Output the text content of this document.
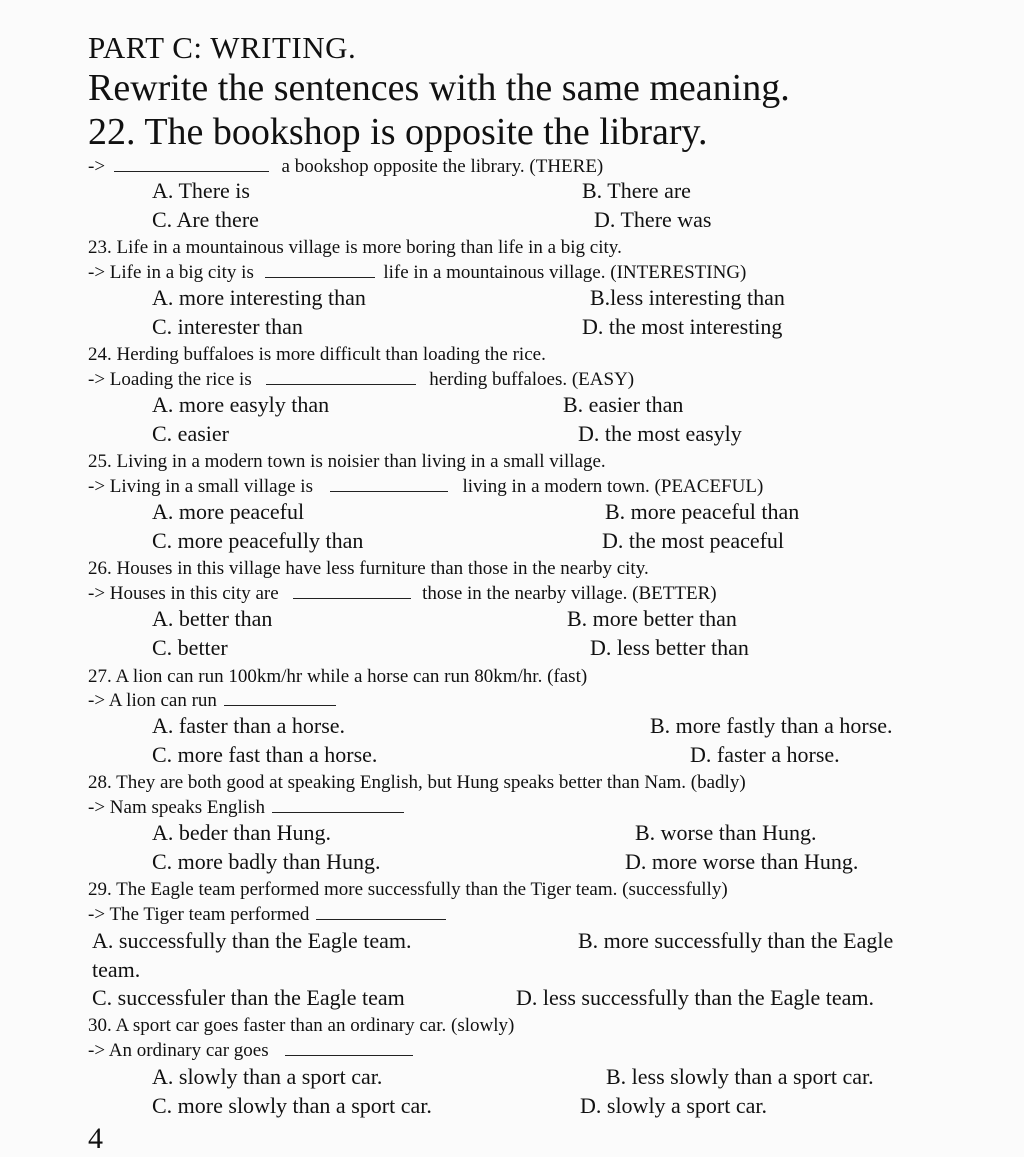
PART C: WRITING.
Rewrite the sentences with the same meaning.
22. The bookshop is opposite the library.
->	a bookshop opposite the library. (THERE)
A. There is	B. There are
C. Are there	D. There was
23. Life in a mountainous village is more boring than life in a big city.
-> Life in a big city is	life in a mountainous village. (INTERESTING)
A. more interesting than	B.less interesting than
C. interester than	D. the most interesting
24. Herding buffaloes is more difficult than loading the rice.
-> Loading the rice is	herding buffaloes. (EASY)
A. more easyly than	B. easier than
C. easier	D. the most easyly
25. Living in a modern town is noisier than living in a small village.
-> Living in a small village is	living in a modern town. (PEACEFUL)
A. more peaceful	B. more peaceful than
C. more peacefully than	D. the most peaceful
26. Houses in this village have less furniture than those in the nearby city.
-> Houses in this city are	those in the nearby village. (BETTER)
A. better than	B. more better than
C. better	D. less better than
27. A lion can run 100km/hr while a horse can run 80km/hr. (fast)
-> A lion can run
A. faster than a horse.	B. more fastly than a horse.
C. more fast than a horse.	D. faster a horse.
28. They are both good at speaking English, but Hung speaks better than Nam. (badly)
-> Nam speaks English
A. beder than Hung.	B. worse than Hung.
C. more badly than Hung.	D. more worse than Hung.
29. The Eagle team performed more successfully than the Tiger team. (successfully)
-> The Tiger team performed
A. successfully than the Eagle team.	B. more successfully than the Eagle
team.
C. successfuler than the Eagle team	D. less successfully than the Eagle team.
30. A sport car goes faster than an ordinary car. (slowly)
-> An ordinary car goes
A. slowly than a sport car.	B. less slowly than a sport car.
C. more slowly than a sport car.	D. slowly a sport car.
4
